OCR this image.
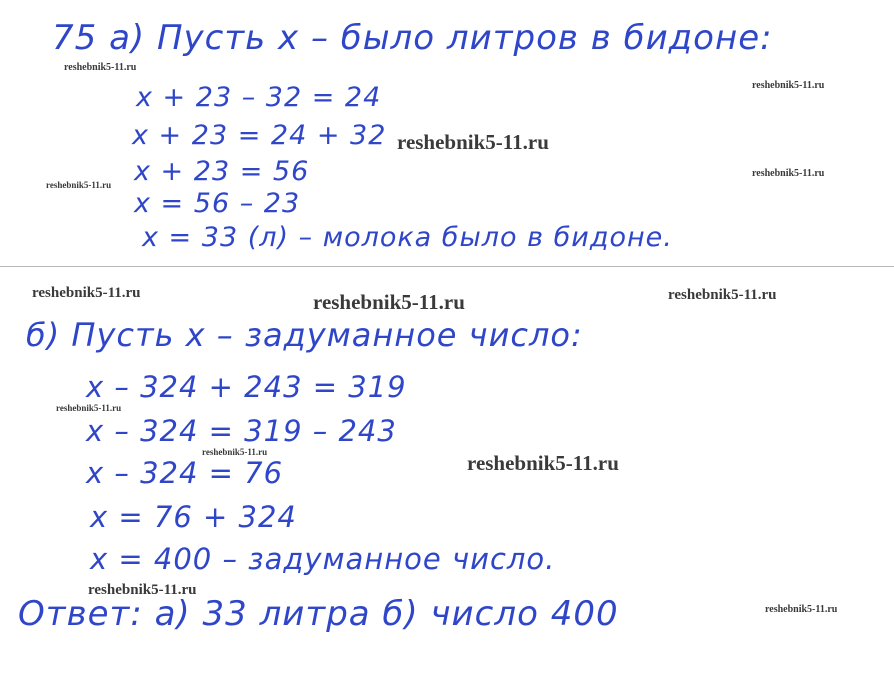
75 а) Пусть x – было литров в бидоне:
x + 23 – 32 = 24
x + 23 = 24 + 32
x + 23 = 56
x = 56 – 23
x = 33 (л) – молока было в бидоне.
б) Пусть x – задуманное число:
x – 324 + 243 = 319
x – 324 = 319 – 243
x – 324 = 76
x = 76 + 324
x = 400 – задуманное число.
Ответ: а) 33 литра б) число 400
reshebnik5-11.ru
reshebnik5-11.ru
reshebnik5-11.ru
reshebnik5-11.ru
reshebnik5-11.ru
reshebnik5-11.ru	reshebnik5-11.ru	reshebnik5-11.ru
reshebnik5-11.ru
reshebnik5-11.ru	reshebnik5-11.ru
reshebnik5-11.ru
reshebnik5-11.ru
